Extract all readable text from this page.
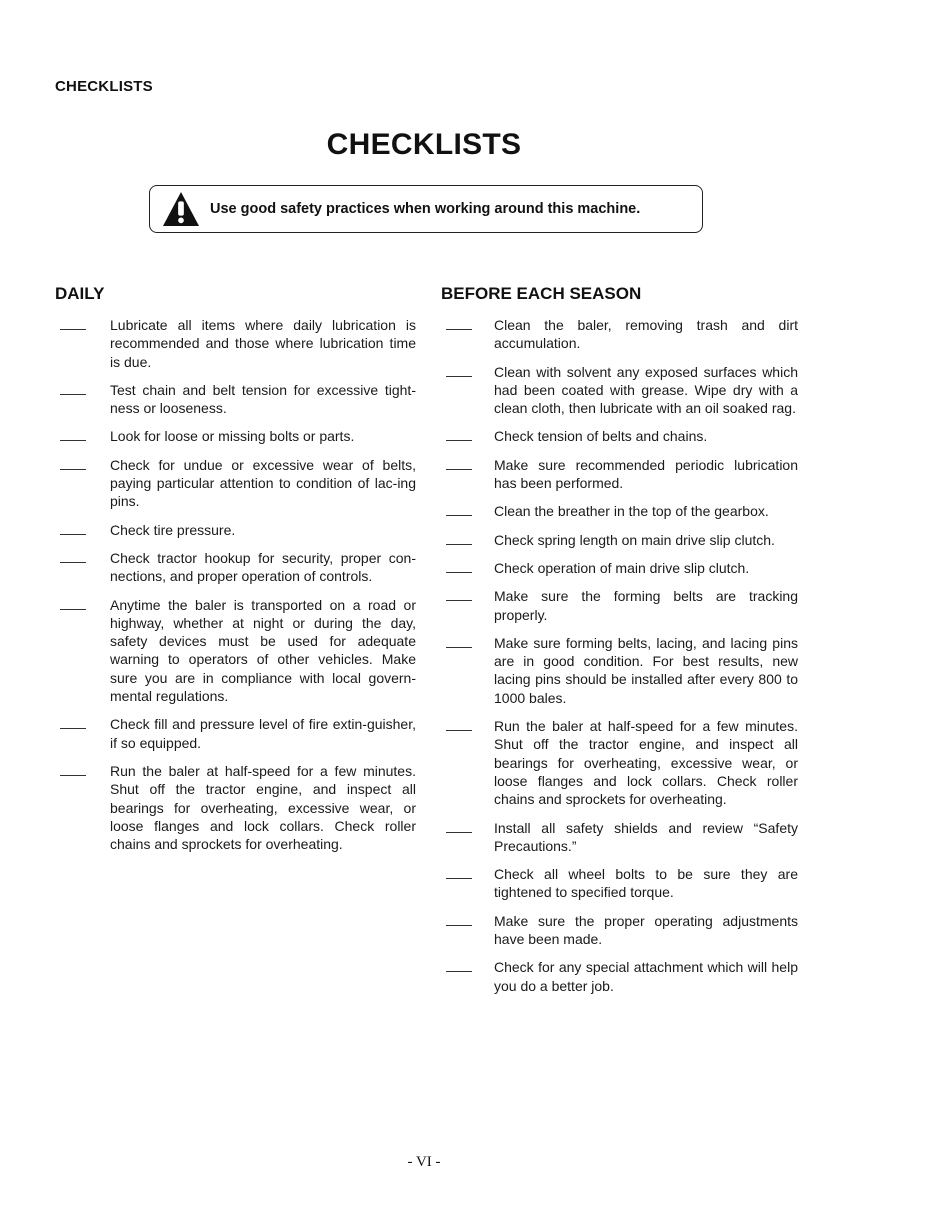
CHECKLISTS
CHECKLISTS
Use good safety practices when working around this machine.
DAILY	BEFORE EACH SEASON
Lubricate all items where daily lubrication is recommended and those where lubrication time is due.
Test chain and belt tension for excessive tight-ness or looseness.
Look for loose or missing bolts or parts.
Check for undue or excessive wear of belts, paying particular attention to condition of lac-ing pins.
Check tire pressure.
Check tractor hookup for security, proper con-nections, and proper operation of controls.
Anytime the baler is transported on a road or highway, whether at night or during the day, safety devices must be used for adequate warning to operators of other vehicles. Make sure you are in compliance with local govern-mental regulations.
Check fill and pressure level of fire extin-guisher, if so equipped.
Run the baler at half-speed for a few minutes. Shut off the tractor engine, and inspect all bearings for overheating, excessive wear, or loose flanges and lock collars. Check roller chains and sprockets for overheating.
Clean the baler, removing trash and dirt accumulation.
Clean with solvent any exposed surfaces which had been coated with grease. Wipe dry with a clean cloth, then lubricate with an oil soaked rag.
Check tension of belts and chains.
Make sure recommended periodic lubrication has been performed.
Clean the breather in the top of the gearbox.
Check spring length on main drive slip clutch.
Check operation of main drive slip clutch.
Make sure the forming belts are tracking properly.
Make sure forming belts, lacing, and lacing pins are in good condition. For best results, new lacing pins should be installed after every 800 to 1000 bales.
Run the baler at half-speed for a few minutes. Shut off the tractor engine, and inspect all bearings for overheating, excessive wear, or loose flanges and lock collars. Check roller chains and sprockets for overheating.
Install all safety shields and review “Safety Precautions.”
Check all wheel bolts to be sure they are tightened to specified torque.
Make sure the proper operating adjustments have been made.
Check for any special attachment which will help you do a better job.
- VI -
